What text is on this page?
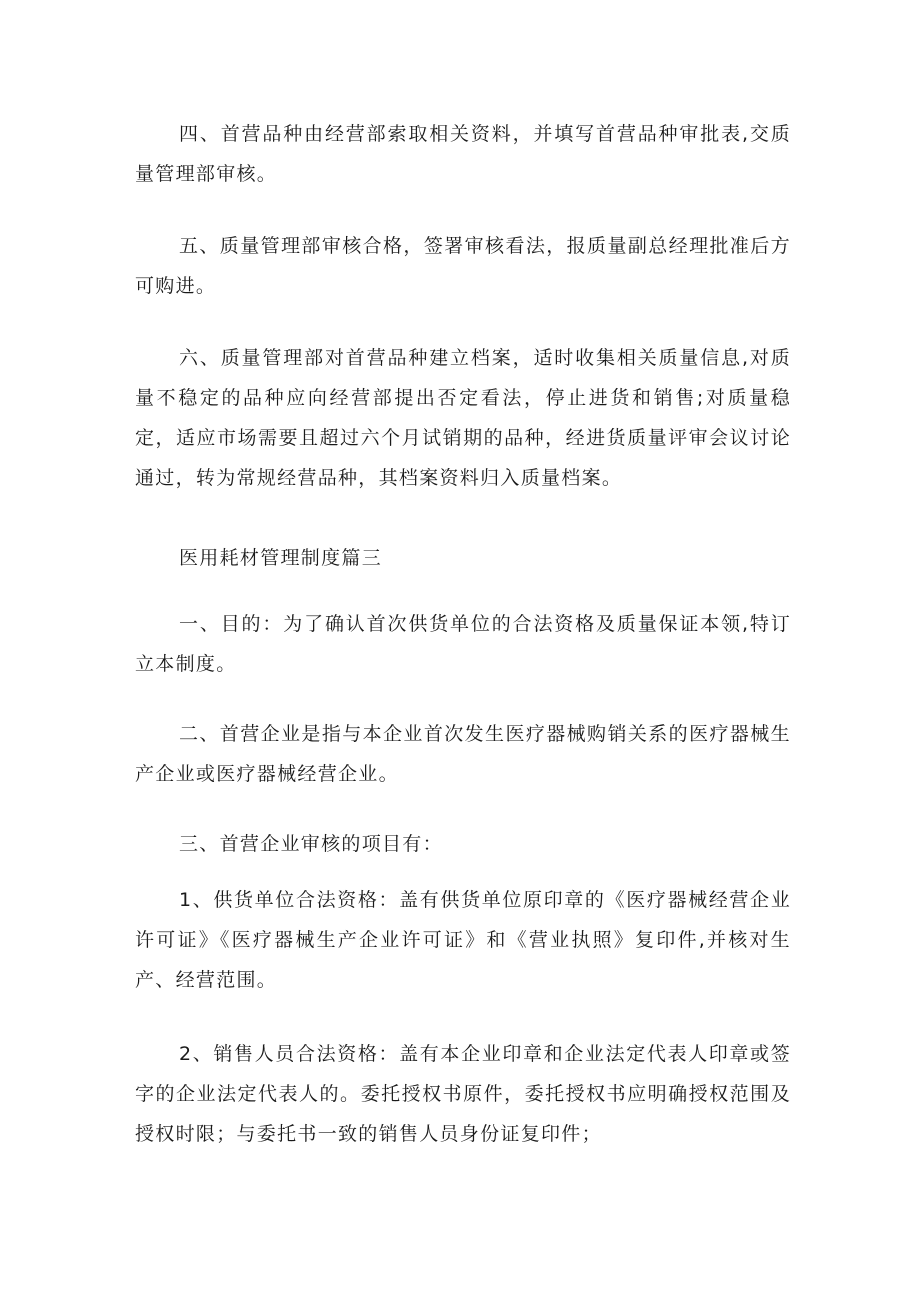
四、首营品种由经营部索取相关资料，并填写首营品种审批表,交质量管理部审核。

五、质量管理部审核合格，签署审核看法，报质量副总经理批准后方可购进。

六、质量管理部对首营品种建立档案，适时收集相关质量信息,对质量不稳定的品种应向经营部提出否定看法，停止进货和销售;对质量稳定，适应市场需要且超过六个月试销期的品种，经进货质量评审会议讨论通过，转为常规经营品种，其档案资料归入质量档案。

医用耗材管理制度篇三

一、目的：为了确认首次供货单位的合法资格及质量保证本领,特订立本制度。

二、首营企业是指与本企业首次发生医疗器械购销关系的医疗器械生产企业或医疗器械经营企业。

三、首营企业审核的项目有：

1、供货单位合法资格：盖有供货单位原印章的《医疗器械经营企业许可证》《医疗器械生产企业许可证》和《营业执照》复印件,并核对生产、经营范围。

2、销售人员合法资格：盖有本企业印章和企业法定代表人印章或签字的企业法定代表人的。委托授权书原件，委托授权书应明确授权范围及授权时限；与委托书一致的销售人员身份证复印件；
